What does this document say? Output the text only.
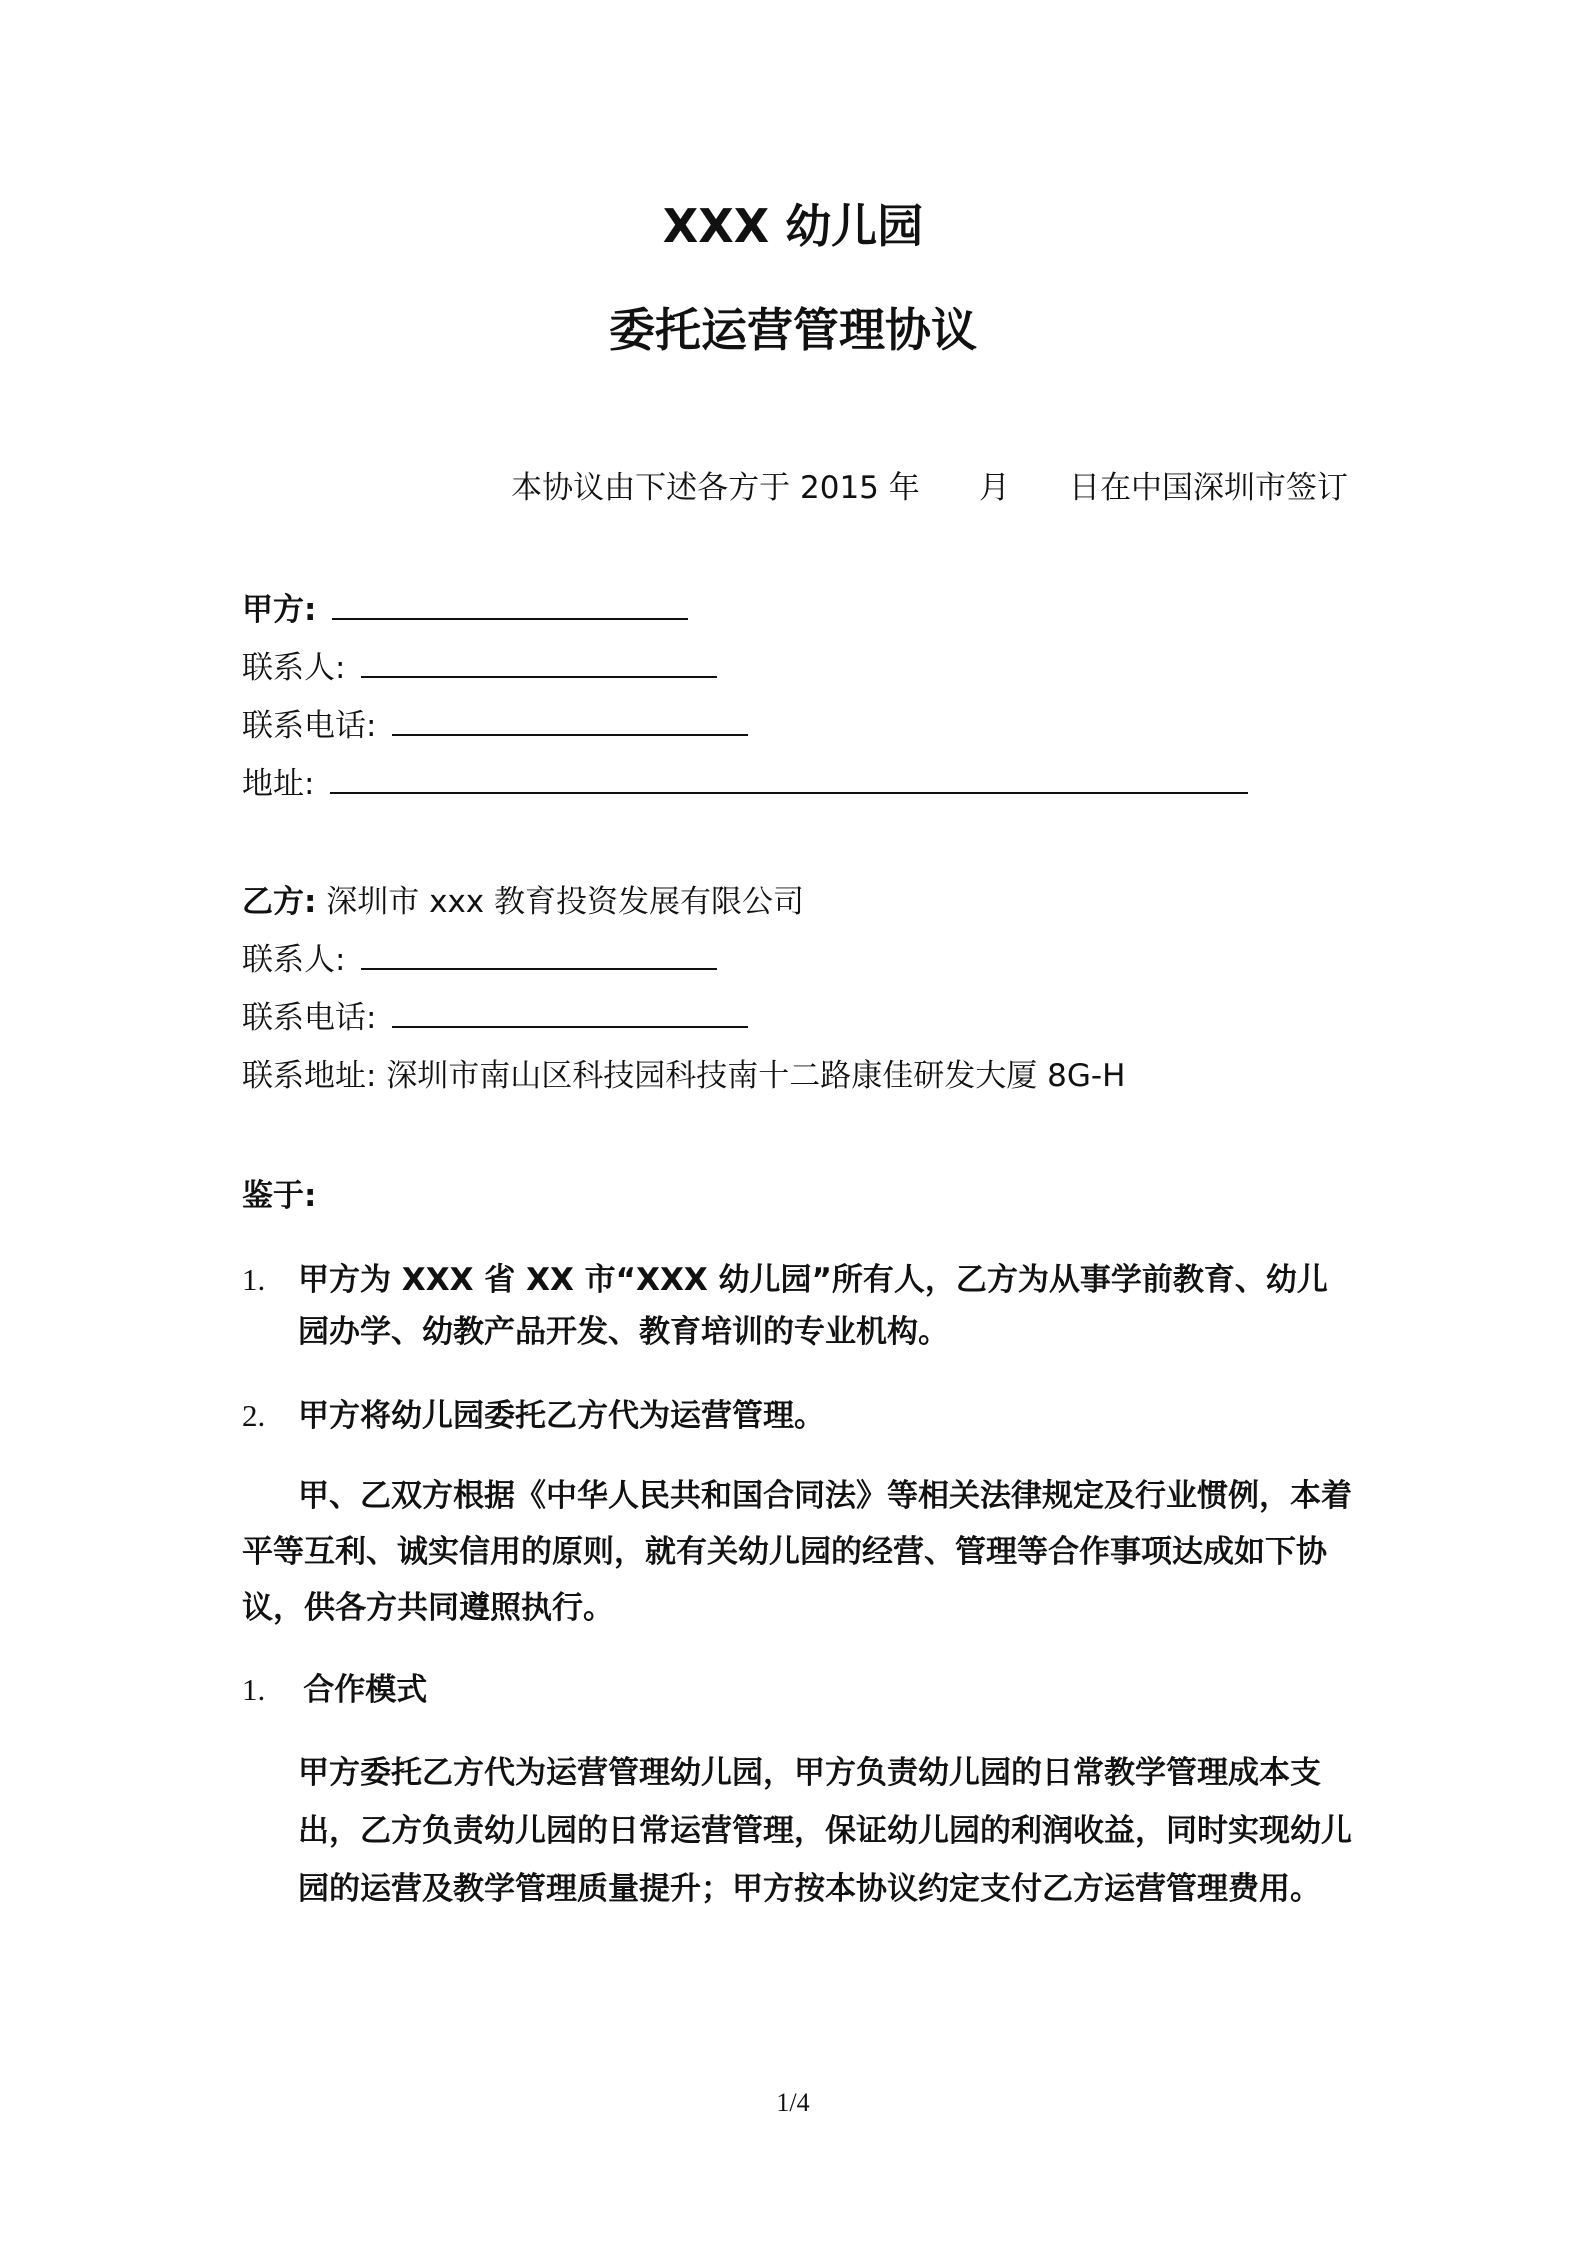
XXX 幼儿园
委托运营管理协议
本协议由下述各方于 2015 年      月      日在中国深圳市签订
甲方:
联系人:
联系电话:
地址:
乙方: 深圳市 xxx 教育投资发展有限公司
联系人:
联系电话:
联系地址: 深圳市南山区科技园科技南十二路康佳研发大厦 8G-H
鉴于:
1. 甲方为 XXX 省 XX 市“XXX 幼儿园”所有人，乙方为从事学前教育、幼儿园办学、幼教产品开发、教育培训的专业机构。
2. 甲方将幼儿园委托乙方代为运营管理。
甲、乙双方根据《中华人民共和国合同法》等相关法律规定及行业惯例，本着平等互利、诚实信用的原则，就有关幼儿园的经营、管理等合作事项达成如下协议，供各方共同遵照执行。
1. 合作模式
甲方委托乙方代为运营管理幼儿园，甲方负责幼儿园的日常教学管理成本支出，乙方负责幼儿园的日常运营管理，保证幼儿园的利润收益，同时实现幼儿园的运营及教学管理质量提升；甲方按本协议约定支付乙方运营管理费用。
1/4
